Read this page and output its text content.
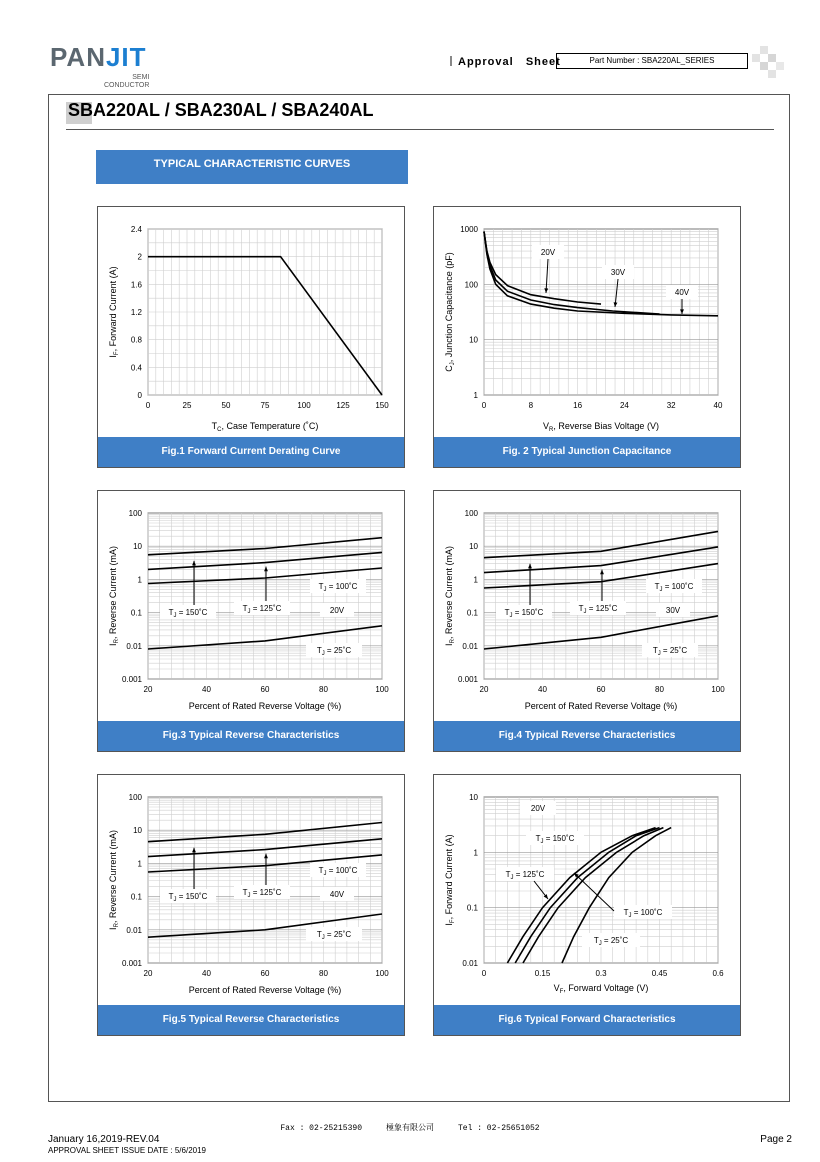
PANJIT
SEMI
CONDUCTOR
Approval   Sheet	Part Number : SBA220AL_SERIES
SBA220AL / SBA230AL / SBA240AL
TYPICAL CHARACTERISTIC CURVES
0	25	50	75	100	125	150
0
0.4
0.8
1.2
1.6
2
2.4
$T_C$, Case Temperature (˚C)
$I_F$, Forward Current (A)
Fig.1 Forward Current Derating Curve
0	8	16	24	32	40
1
10
100
1000
$V_R$, Reverse Bias Voltage (V)
$C_J$, Junction Capacitance (pF)	20V
30V
40V
Fig. 2 Typical Junction Capacitance
20	40	60	80	100
0.001
0.01
0.1
1
10
100
Percent of Rated Reverse Voltage (%)
$I_R$, Reverse Current (mA)	$T_J$ = 100˚C
$T_J$ = 150˚C	$T_J$ = 125˚C	20V
$T_J$ = 25˚C
Fig.3 Typical Reverse Characteristics
20	40	60	80	100
0.001
0.01
0.1
1
10
100
Percent of Rated Reverse Voltage (%)
$I_R$, Reverse Current (mA)	$T_J$ = 100˚C
$T_J$ = 150˚C	$T_J$ = 125˚C	30V
$T_J$ = 25˚C
Fig.4 Typical Reverse Characteristics
20	40	60	80	100
0.001
0.01
0.1
1
10
100
Percent of Rated Reverse Voltage (%)
$I_R$, Reverse Current (mA)	$T_J$ = 100˚C
$T_J$ = 150˚C	$T_J$ = 125˚C	40V
$T_J$ = 25˚C
Fig.5 Typical Reverse Characteristics
0	0.15	0.3	0.45	0.6
0.01
0.1
1
10
$V_F$, Forward Voltage (V)
$I_F$, Forward Current (A)
20V
$T_J$ = 150˚C
$T_J$ = 125˚C
$T_J$ = 100˚C
$T_J$ = 25˚C
Fig.6 Typical Forward Characteristics
Fax : 02-25215390     極象有限公司     Tel : 02-25651052
January 16,2019-REV.04
APPROVAL SHEET ISSUE DATE : 5/6/2019
Page 2
